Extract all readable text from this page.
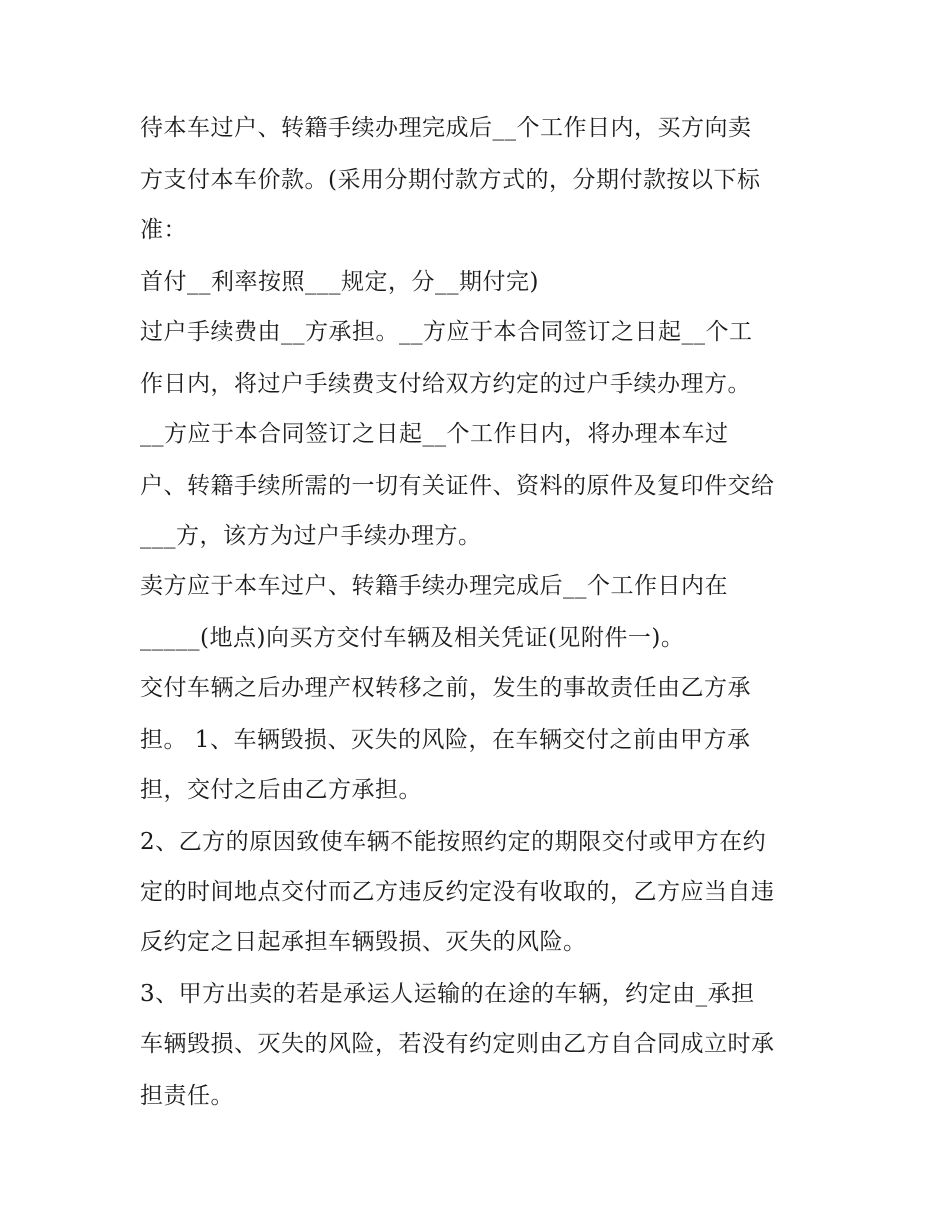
待本车过户、转籍手续办理完成后__个工作日内，买方向卖
方支付本车价款。(采用分期付款方式的，分期付款按以下标
准：
首付__利率按照___规定，分__期付完)
过户手续费由__方承担。__方应于本合同签订之日起__个工
作日内，将过户手续费支付给双方约定的过户手续办理方。
__方应于本合同签订之日起__个工作日内，将办理本车过
户、转籍手续所需的一切有关证件、资料的原件及复印件交给
___方，该方为过户手续办理方。
卖方应于本车过户、转籍手续办理完成后__个工作日内在
_____(地点)向买方交付车辆及相关凭证(见附件一)。
交付车辆之后办理产权转移之前，发生的事故责任由乙方承
担。 1、车辆毁损、灭失的风险，在车辆交付之前由甲方承
担，交付之后由乙方承担。
2、乙方的原因致使车辆不能按照约定的期限交付或甲方在约
定的时间地点交付而乙方违反约定没有收取的，乙方应当自违
反约定之日起承担车辆毁损、灭失的风险。
3、甲方出卖的若是承运人运输的在途的车辆，约定由_承担
车辆毁损、灭失的风险，若没有约定则由乙方自合同成立时承
担责任。
